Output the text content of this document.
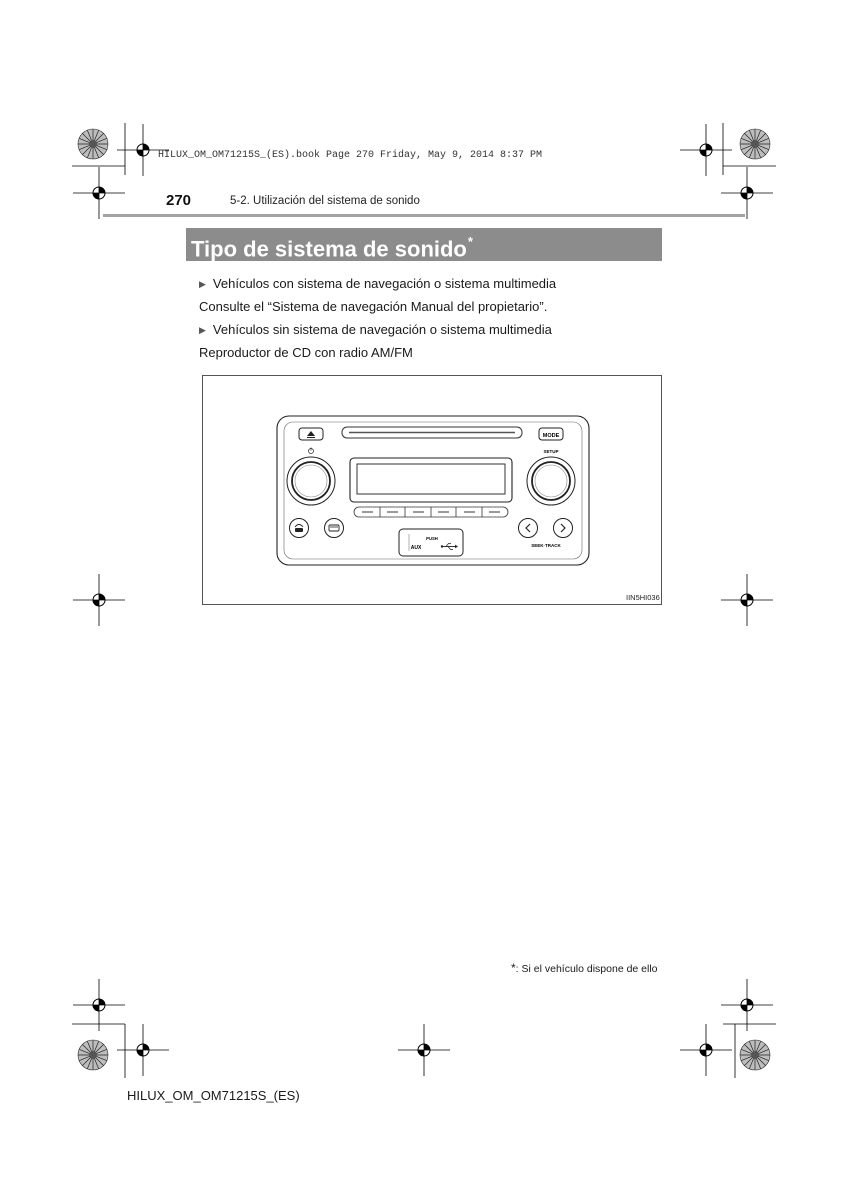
HILUX_OM_OM71215S_(ES).book Page 270 Friday, May 9, 2014 8:37 PM
270	5-2. Utilización del sistema de sonido
Tipo de sistema de sonido*
▶ Vehículos con sistema de navegación o sistema multimedia
Consulte el “Sistema de navegación Manual del propietario”.
▶ Vehículos sin sistema de navegación o sistema multimedia
Reproductor de CD con radio AM/FM
MODE
SETUP
PUSH
AUX	SEEK·TRACK
IIN5HI036
*: Si el vehículo dispone de ello
HILUX_OM_OM71215S_(ES)
